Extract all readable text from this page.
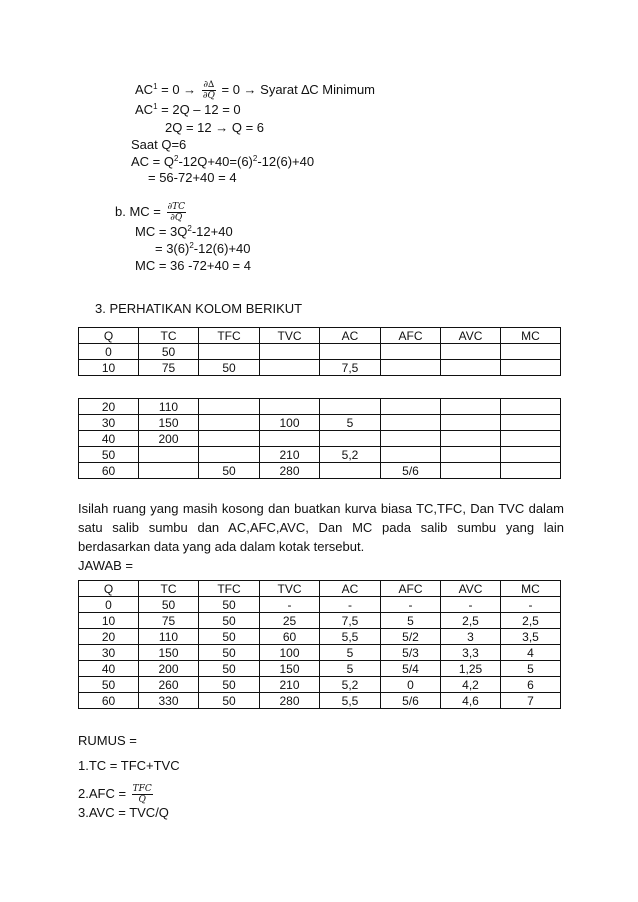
$AC^1 = 0 \to \frac{\partial\Delta}{\partial Q} = 0$ → Syarat ∆C Minimum
$AC^1 = 2Q - 12 = 0$
2Q = 12 → Q = 6
Saat Q=6
AC = $Q^2-12Q+40=(6)^2-12(6)+40$
= 56-72+40 = 4
b. MC = $\frac{\partial TC}{\partial Q}$
MC = $3Q^2-12+40$
= $3(6)^2-12(6)+40$
MC = 36 -72+40 = 4
3. PERHATIKAN KOLOM BERIKUT
Q	TC	TFC	TVC	AC	AFC	AVC	MC
0	50						
10	75	50		7,5			
20	110						
30	150		100	5			
40	200						
50			210	5,2			
60		50	280		5/6		
Isilah ruang yang masih kosong dan buatkan kurva biasa TC,TFC, Dan TVC dalam satu salib sumbu dan AC,AFC,AVC, Dan MC pada salib sumbu yang lain berdasarkan data yang ada dalam kotak tersebut.
JAWAB =
Q	TC	TFC	TVC	AC	AFC	AVC	MC
0	50	50	-	-	-	-	-
10	75	50	25	7,5	5	2,5	2,5
20	110	50	60	5,5	5/2	3	3,5
30	150	50	100	5	5/3	3,3	4
40	200	50	150	5	5/4	1,25	5
50	260	50	210	5,2	0	4,2	6
60	330	50	280	5,5	5/6	4,6	7
RUMUS =
1.TC = TFC+TVC
$2.AFC = \frac{\text{TFC}}{Q}$
3.AVC = TVC/Q
